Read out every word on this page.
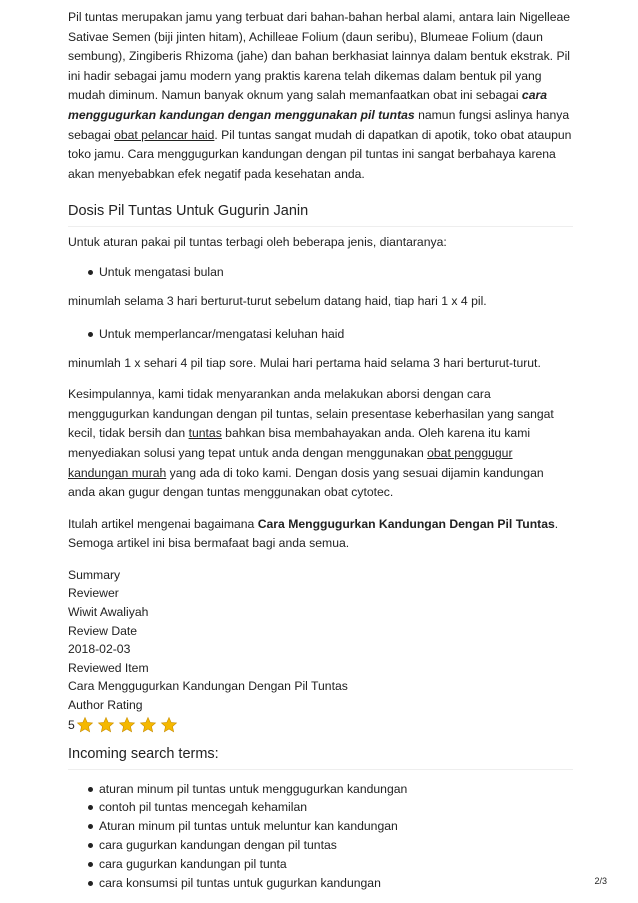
Pil tuntas merupakan jamu yang terbuat dari bahan-bahan herbal alami, antara lain Nigelleae Sativae Semen (biji jinten hitam), Achilleae Folium (daun seribu), Blumeae Folium (daun sembung), Zingiberis Rhizoma (jahe) dan bahan berkhasiat lainnya dalam bentuk ekstrak. Pil ini hadir sebagai jamu modern yang praktis karena telah dikemas dalam bentuk pil yang mudah diminum. Namun banyak oknum yang salah memanfaatkan obat ini sebagai cara menggugurkan kandungan dengan menggunakan pil tuntas namun fungsi aslinya hanya sebagai obat pelancar haid. Pil tuntas sangat mudah di dapatkan di apotik, toko obat ataupun toko jamu. Cara menggugurkan kandungan dengan pil tuntas ini sangat berbahaya karena akan menyebabkan efek negatif pada kesehatan anda.

Dosis Pil Tuntas Untuk Gugurin Janin

Untuk aturan pakai pil tuntas terbagi oleh beberapa jenis, diantaranya:

Untuk mengatasi bulan

minumlah selama 3 hari berturut-turut sebelum datang haid, tiap hari 1 x 4 pil.

Untuk memperlancar/mengatasi keluhan haid

minumlah 1 x sehari 4 pil tiap sore. Mulai hari pertama haid selama 3 hari berturut-turut.

Kesimpulannya, kami tidak menyarankan anda melakukan aborsi dengan cara menggugurkan kandungan dengan pil tuntas, selain presentase keberhasilan yang sangat kecil, tidak bersih dan tuntas bahkan bisa membahayakan anda. Oleh karena itu kami menyediakan solusi yang tepat untuk anda dengan menggunakan obat penggugur kandungan murah yang ada di toko kami. Dengan dosis yang sesuai dijamin kandungan anda akan gugur dengan tuntas menggunakan obat cytotec.

Itulah artikel mengenai bagaimana Cara Menggugurkan Kandungan Dengan Pil Tuntas. Semoga artikel ini bisa bermafaat bagi anda semua.

Summary

Reviewer

Wiwit Awaliyah

Review Date

2018-02-03

Reviewed Item

Cara Menggugurkan Kandungan Dengan Pil Tuntas

Author Rating

5
Incoming search terms:
aturan minum pil tuntas untuk menggugurkan kandungan
contoh pil tuntas mencegah kehamilan
Aturan minum pil tuntas untuk meluntur kan kandungan
cara gugurkan kandungan dengan pil tuntas
cara gugurkan kandungan pil tunta
cara konsumsi pil tuntas untuk gugurkan kandungan	2/3
